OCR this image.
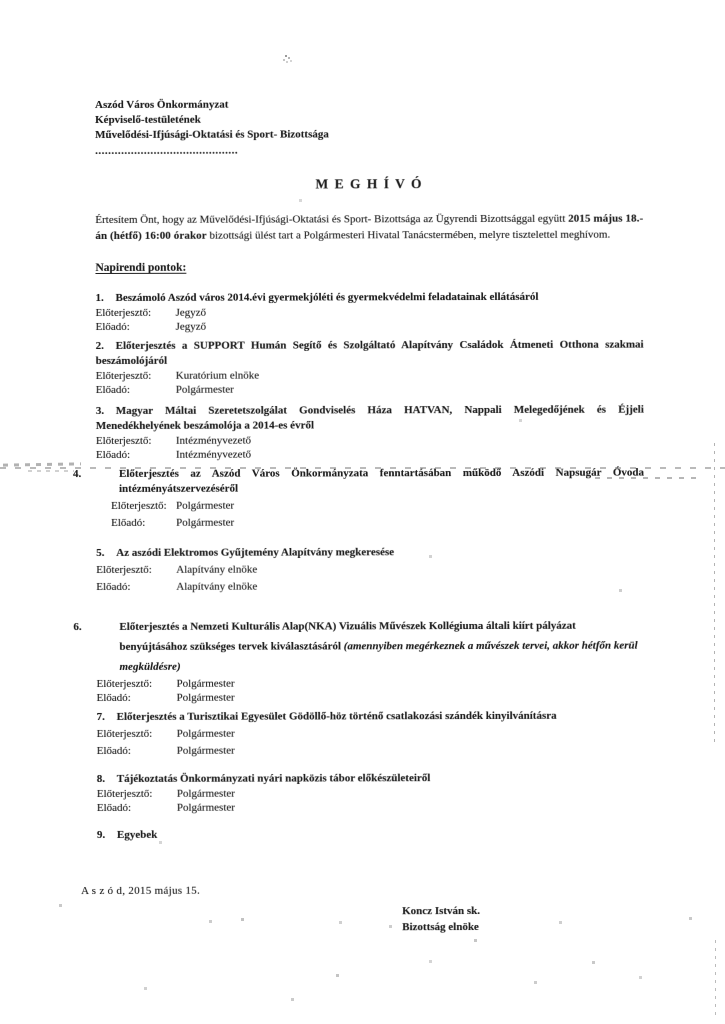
Aszód Város Önkormányzat
Képviselő-testületének
Művelődési-Ifjúsági-Oktatási és Sport- Bizottsága
............................................
M E G H Í V Ó

Értesítem Önt, hogy az Művelődési-Ifjúsági-Oktatási és Sport- Bizottsága az Ügyrendi Bizottsággal együtt 2015 május 18.-án (hétfő) 16:00 órakor bizottsági ülést tart a Polgármesteri Hivatal Tanácstermében, melyre tisztelettel meghívom.

Napirendi pontok:

1. Beszámoló Aszód város 2014.évi gyermekjóléti és gyermekvédelmi feladatainak ellátásáról

Előterjesztő: Jegyző
Előadó:	Jegyző

2. Előterjesztés a SUPPORT Humán Segítő és Szolgáltató Alapítvány Családok Átmeneti Otthona szakmai beszámolójáról

Előterjesztő: Kuratórium elnöke
Előadó:	Polgármester

3. Magyar Máltai Szeretetszolgálat Gondviselés Háza HATVAN, Nappali Melegedőjének és Éjjeli Menedékhelyének beszámolója a 2014-es évről

Előterjesztő: Intézményvezető
Előadó:	Intézményvezető

4.	Előterjesztés az Aszód Város Önkormányzata fenntartásában működő Aszódi Napsugár Óvoda intézményátszervezéséről

Előterjesztő: Polgármester
Előadó:	Polgármester

5. Az aszódi Elektromos Gyűjtemény Alapítvány megkeresése

Előterjesztő: Alapítvány elnöke
Előadó:	Alapítvány elnöke

6.	Előterjesztés a Nemzeti Kulturális Alap(NKA) Vizuális Művészek Kollégiuma általi kiírt pályázat benyújtásához szükséges tervek kiválasztásáról (amennyiben megérkeznek a művészek tervei, akkor hétfőn kerül megküldésre)

Előterjesztő: Polgármester
Előadó:	Polgármester

7. Előterjesztés a Turisztikai Egyesület Gödöllő-höz történő csatlakozási szándék kinyilvánításra

Előterjesztő: Polgármester
Előadó:	Polgármester

8. Tájékoztatás Önkormányzati nyári napközis tábor előkészületeiről

Előterjesztő: Polgármester
Előadó:	Polgármester

9. Egyebek

A s z ó d, 2015 május 15.
Koncz István sk.
Bizottság elnöke
